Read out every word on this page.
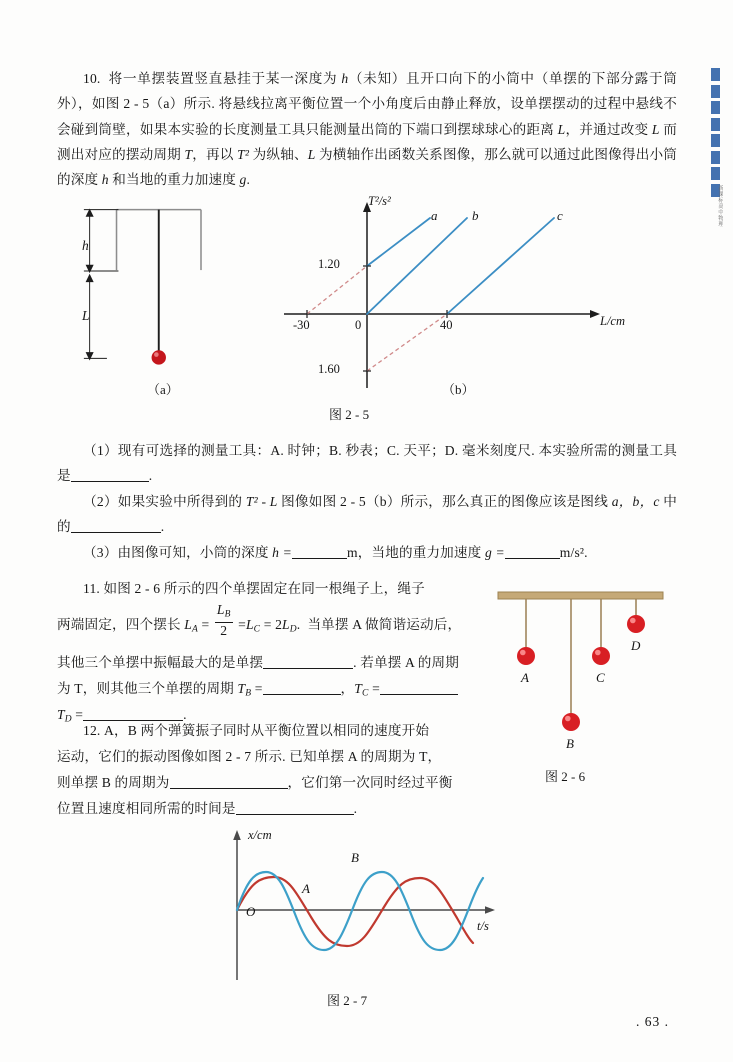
新课标高中物理
10. 将一单摆装置竖直悬挂于某一深度为 h（未知）且开口向下的小筒中（单摆的下部分露于筒外），如图 2 - 5（a）所示. 将悬线拉离平衡位置一个小角度后由静止释放，设单摆摆动的过程中悬线不会碰到筒壁，如果本实验的长度测量工具只能测量出筒的下端口到摆球球心的距离 L，并通过改变 L 而测出对应的摆动周期 T，再以 T² 为纵轴、L 为横轴作出函数关系图像，那么就可以通过此图像得出小筒的深度 h 和当地的重力加速度 g.
h
L
T²/s²
L/cm
a	b	c
1.20
1.60
-30	40
0
（a）	（b）
图 2 - 5
（1）现有可选择的测量工具：A. 时钟；B. 秒表；C. 天平；D. 毫米刻度尺. 本实验所需的测量工具是	.
（2）如果实验中所得到的 T² - L 图像如图 2 - 5（b）所示，那么真正的图像应该是图线 a，b，c 中的	.
（3）由图像可知，小筒的深度 h =	m，当地的重力加速度 g =	m/s².
11. 如图 2 - 6 所示的四个单摆固定在同一根绳子上，绳子
两端固定，四个摆长 $L_A = \frac{L_B}{2} =L_C = 2L_D$. 当单摆 A 做简谐运动后，
其他三个单摆中振幅最大的是单摆	. 若单摆 A 的周期
为 T，则其他三个单摆的周期 $T_B$ =	，$T_C$ =
$T_D$ =	.
A
B
C
D
图 2 - 6
12. A，B 两个弹簧振子同时从平衡位置以相同的速度开始
运动，它们的振动图像如图 2 - 7 所示. 已知单摆 A 的周期为 T，
则单摆 B 的周期为	，它们第一次同时经过平衡
位置且速度相同所需的时间是	.
O
x/cm
t/s
A
B
图 2 - 7
. 63 .
